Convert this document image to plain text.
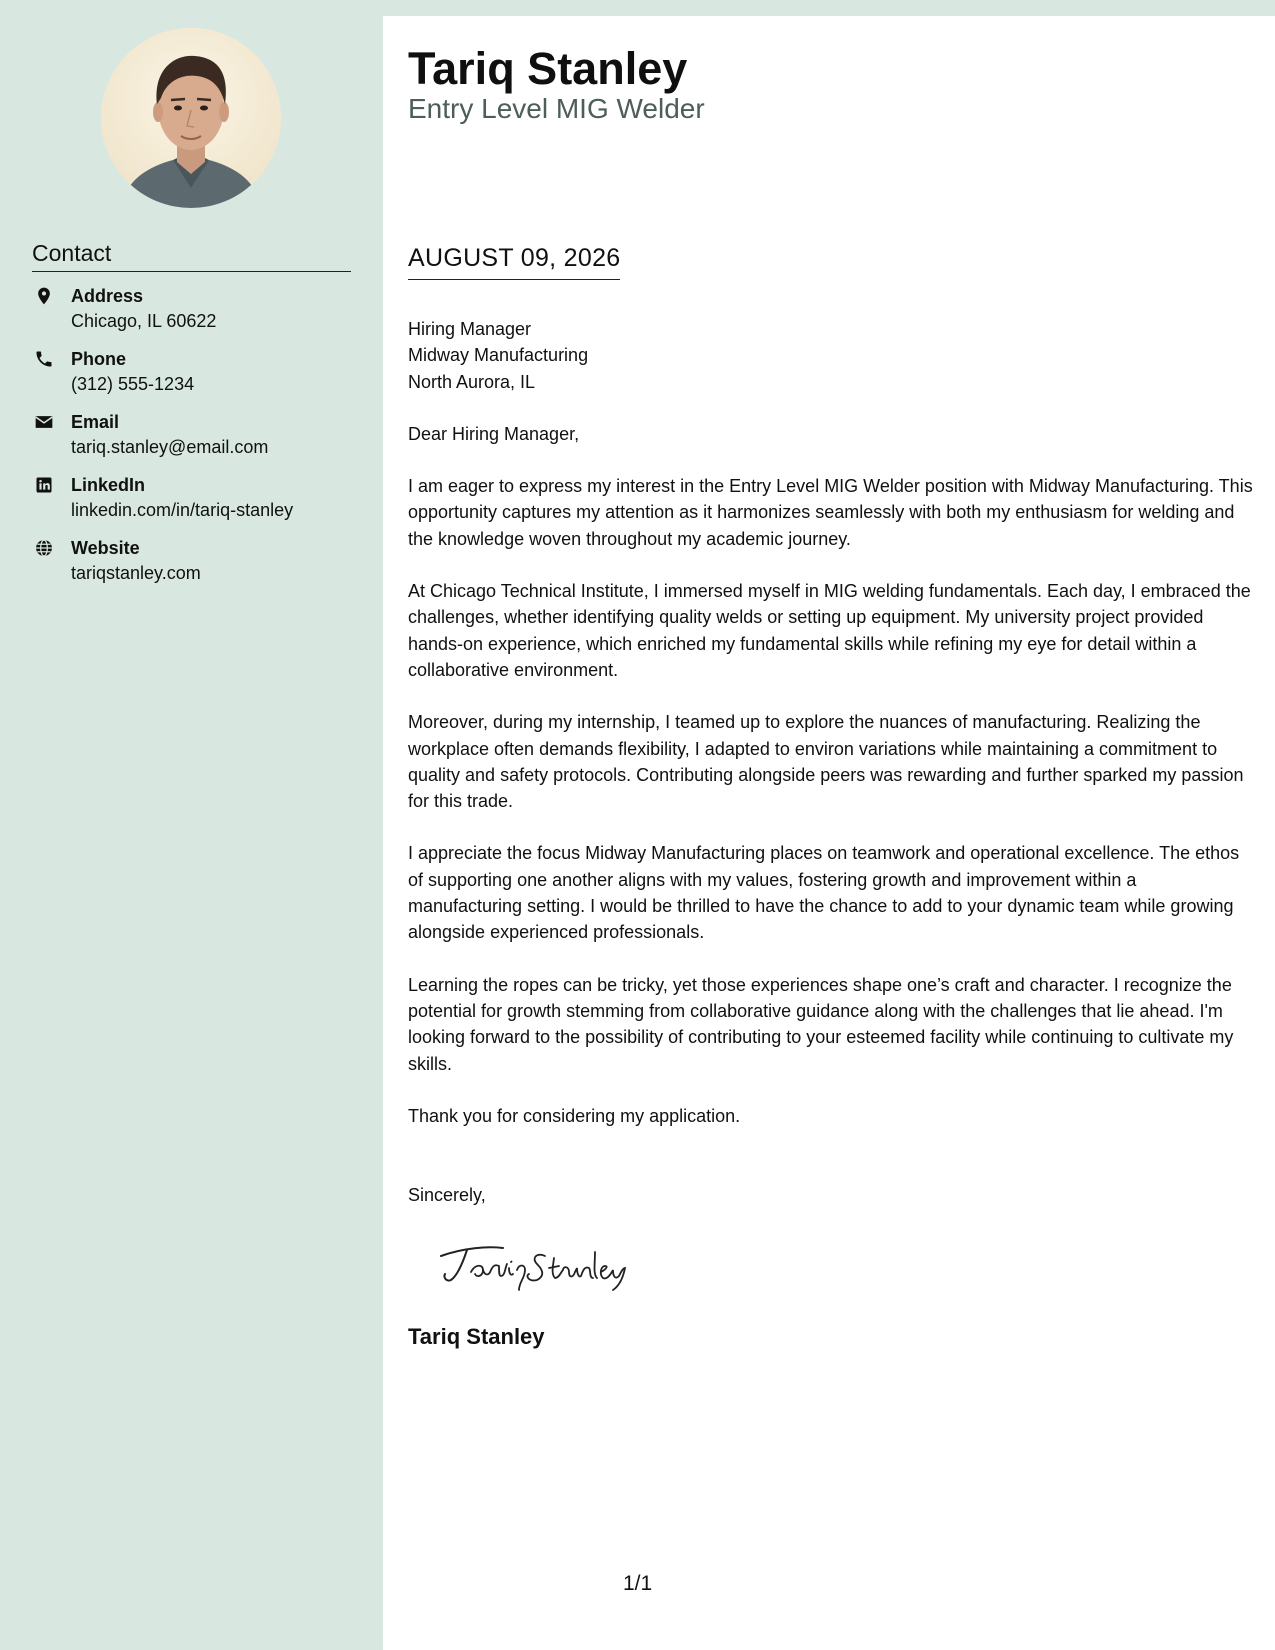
Contact
Address
Chicago, IL 60622
Phone
(312) 555-1234
Email
tariq.stanley@email.com
LinkedIn
linkedin.com/in/tariq-stanley
Website
tariqstanley.com
Tariq Stanley
Entry Level MIG Welder
AUGUST 09, 2026

Hiring Manager

Midway Manufacturing

North Aurora, IL

Dear Hiring Manager,

I am eager to express my interest in the Entry Level MIG Welder position with Midway Manufacturing. This opportunity captures my attention as it harmonizes seamlessly with both my enthusiasm for welding and the knowledge woven throughout my academic journey.

At Chicago Technical Institute, I immersed myself in MIG welding fundamentals. Each day, I embraced the challenges, whether identifying quality welds or setting up equipment. My university project provided hands-on experience, which enriched my fundamental skills while refining my eye for detail within a collaborative environment.

Moreover, during my internship, I teamed up to explore the nuances of manufacturing. Realizing the workplace often demands flexibility, I adapted to environ variations while maintaining a commitment to quality and safety protocols. Contributing alongside peers was rewarding and further sparked my passion for this trade.

I appreciate the focus Midway Manufacturing places on teamwork and operational excellence. The ethos of supporting one another aligns with my values, fostering growth and improvement within a manufacturing setting. I would be thrilled to have the chance to add to your dynamic team while growing alongside experienced professionals.

Learning the ropes can be tricky, yet those experiences shape one’s craft and character. I recognize the potential for growth stemming from collaborative guidance along with the challenges that lie ahead. I'm looking forward to the possibility of contributing to your esteemed facility while continuing to cultivate my skills.

Thank you for considering my application.

Sincerely,

Tariq Stanley

1/1
